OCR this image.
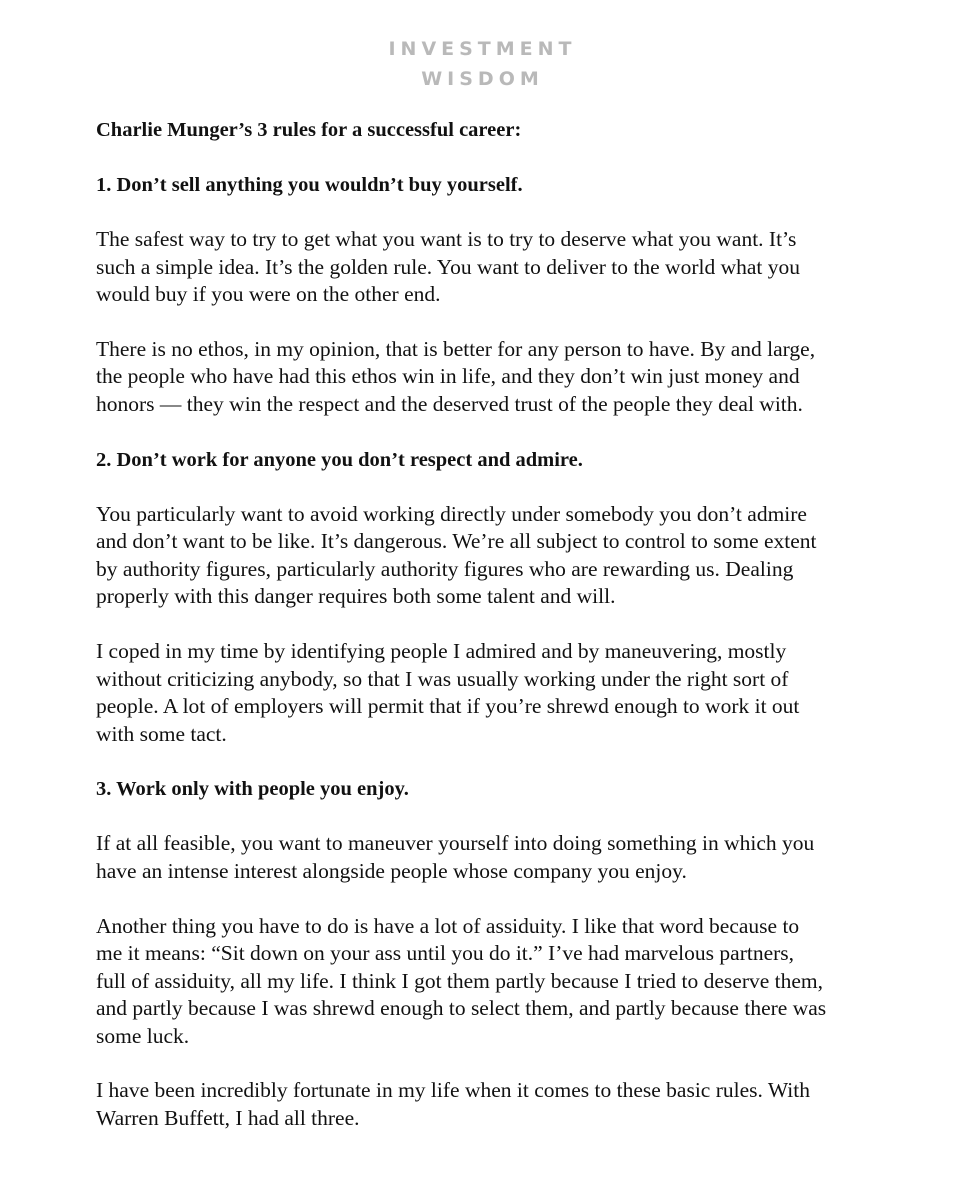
INVESTMENT
WISDOM
Charlie Munger’s 3 rules for a successful career:
1. Don’t sell anything you wouldn’t buy yourself.
The safest way to try to get what you want is to try to deserve what you want. It’s
such a simple idea. It’s the golden rule. You want to deliver to the world what you
would buy if you were on the other end.
There is no ethos, in my opinion, that is better for any person to have. By and large,
the people who have had this ethos win in life, and they don’t win just money and
honors — they win the respect and the deserved trust of the people they deal with.
2. Don’t work for anyone you don’t respect and admire.
You particularly want to avoid working directly under somebody you don’t admire
and don’t want to be like. It’s dangerous. We’re all subject to control to some extent
by authority figures, particularly authority figures who are rewarding us. Dealing
properly with this danger requires both some talent and will.
I coped in my time by identifying people I admired and by maneuvering, mostly
without criticizing anybody, so that I was usually working under the right sort of
people. A lot of employers will permit that if you’re shrewd enough to work it out
with some tact.
3. Work only with people you enjoy.
If at all feasible, you want to maneuver yourself into doing something in which you
have an intense interest alongside people whose company you enjoy.
Another thing you have to do is have a lot of assiduity. I like that word because to
me it means: “Sit down on your ass until you do it.” I’ve had marvelous partners,
full of assiduity, all my life. I think I got them partly because I tried to deserve them,
and partly because I was shrewd enough to select them, and partly because there was
some luck.
I have been incredibly fortunate in my life when it comes to these basic rules. With
Warren Buffett, I had all three.
